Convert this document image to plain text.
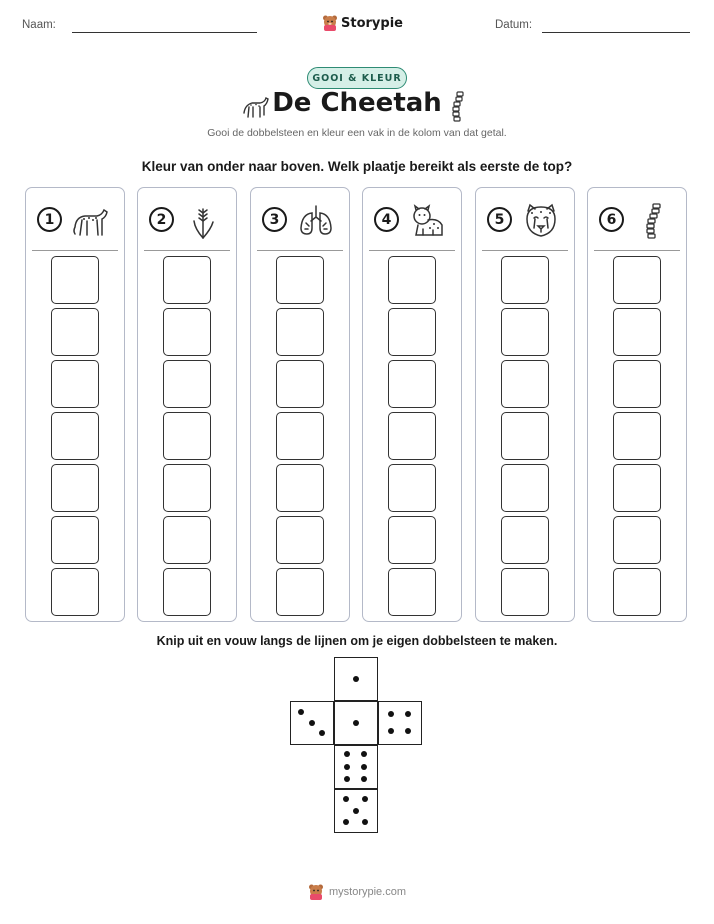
Naam:	Storypie	Datum:
GOOI & KLEUR
De Cheetah
Gooi de dobbelsteen en kleur een vak in de kolom van dat getal.
Kleur van onder naar boven. Welk plaatje bereikt als eerste de top?
1	2	3	4	5	6
Knip uit en vouw langs de lijnen om je eigen dobbelsteen te maken.
mystorypie.com
